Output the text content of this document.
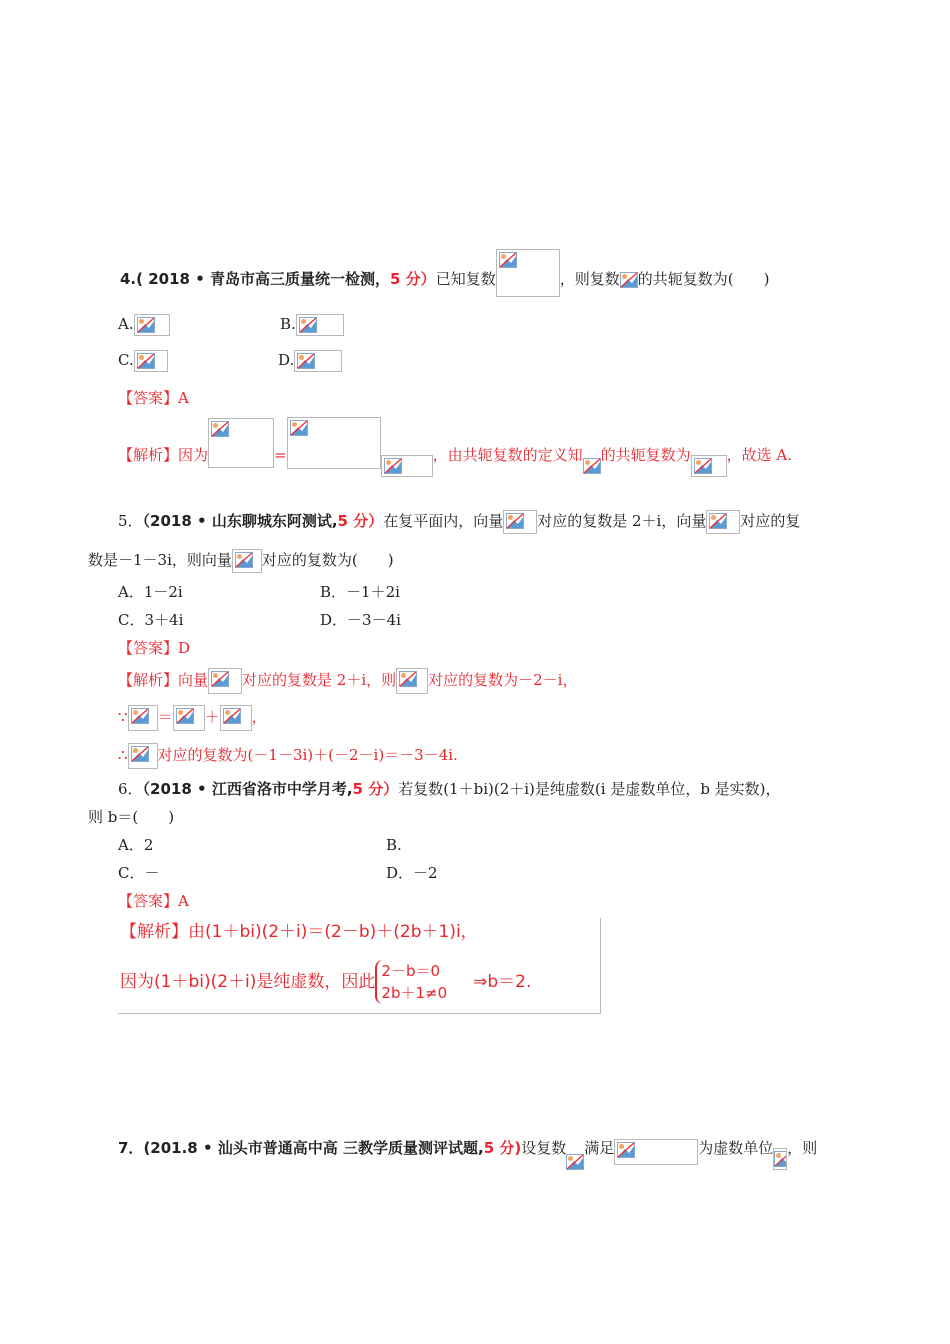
4.( 2018 • 青岛市高三质量统一检测，5 分）已知复数	，则复数 的共轭复数为(　　)
A.	B.
C.	D.
【答案】A
【解析】因为	=	，由共轭复数的定义知 的共轭复数为 ，故选 A.
5．（2018 • 山东聊城东阿测试,5 分）在复平面内，向量 对应的复数是 2＋i，向量 对应的复
数是－1－3i，则向量 对应的复数为(　　)
A．1－2i	B．－1＋2i
C．3＋4i	D．－3－4i
【答案】D
【解析】向量 对应的复数是 2＋i，则 对应的复数为－2－i，
∵ ＝ ＋ ，
∴ 对应的复数为(－1－3i)＋(－2－i)＝－3－4i.
6．（2018 • 江西省洛市中学月考,5 分）若复数(1＋bi)(2＋i)是纯虚数(i 是虚数单位，b 是实数)，
则 b＝(　　)
A．2	B.
C．－	D．－2
【答案】A
【解析】由(1＋bi)(2＋i)＝(2－b)＋(2b＋1)i，
因为(1＋bi)(2＋i)是纯虚数，因此2－b＝0
2b＋1≠0⇒b＝2.
7．(201.8 • 汕头市普通高中高 三教学质量测评试题,5 分)设复数 满足	为虚数单位 ，则
